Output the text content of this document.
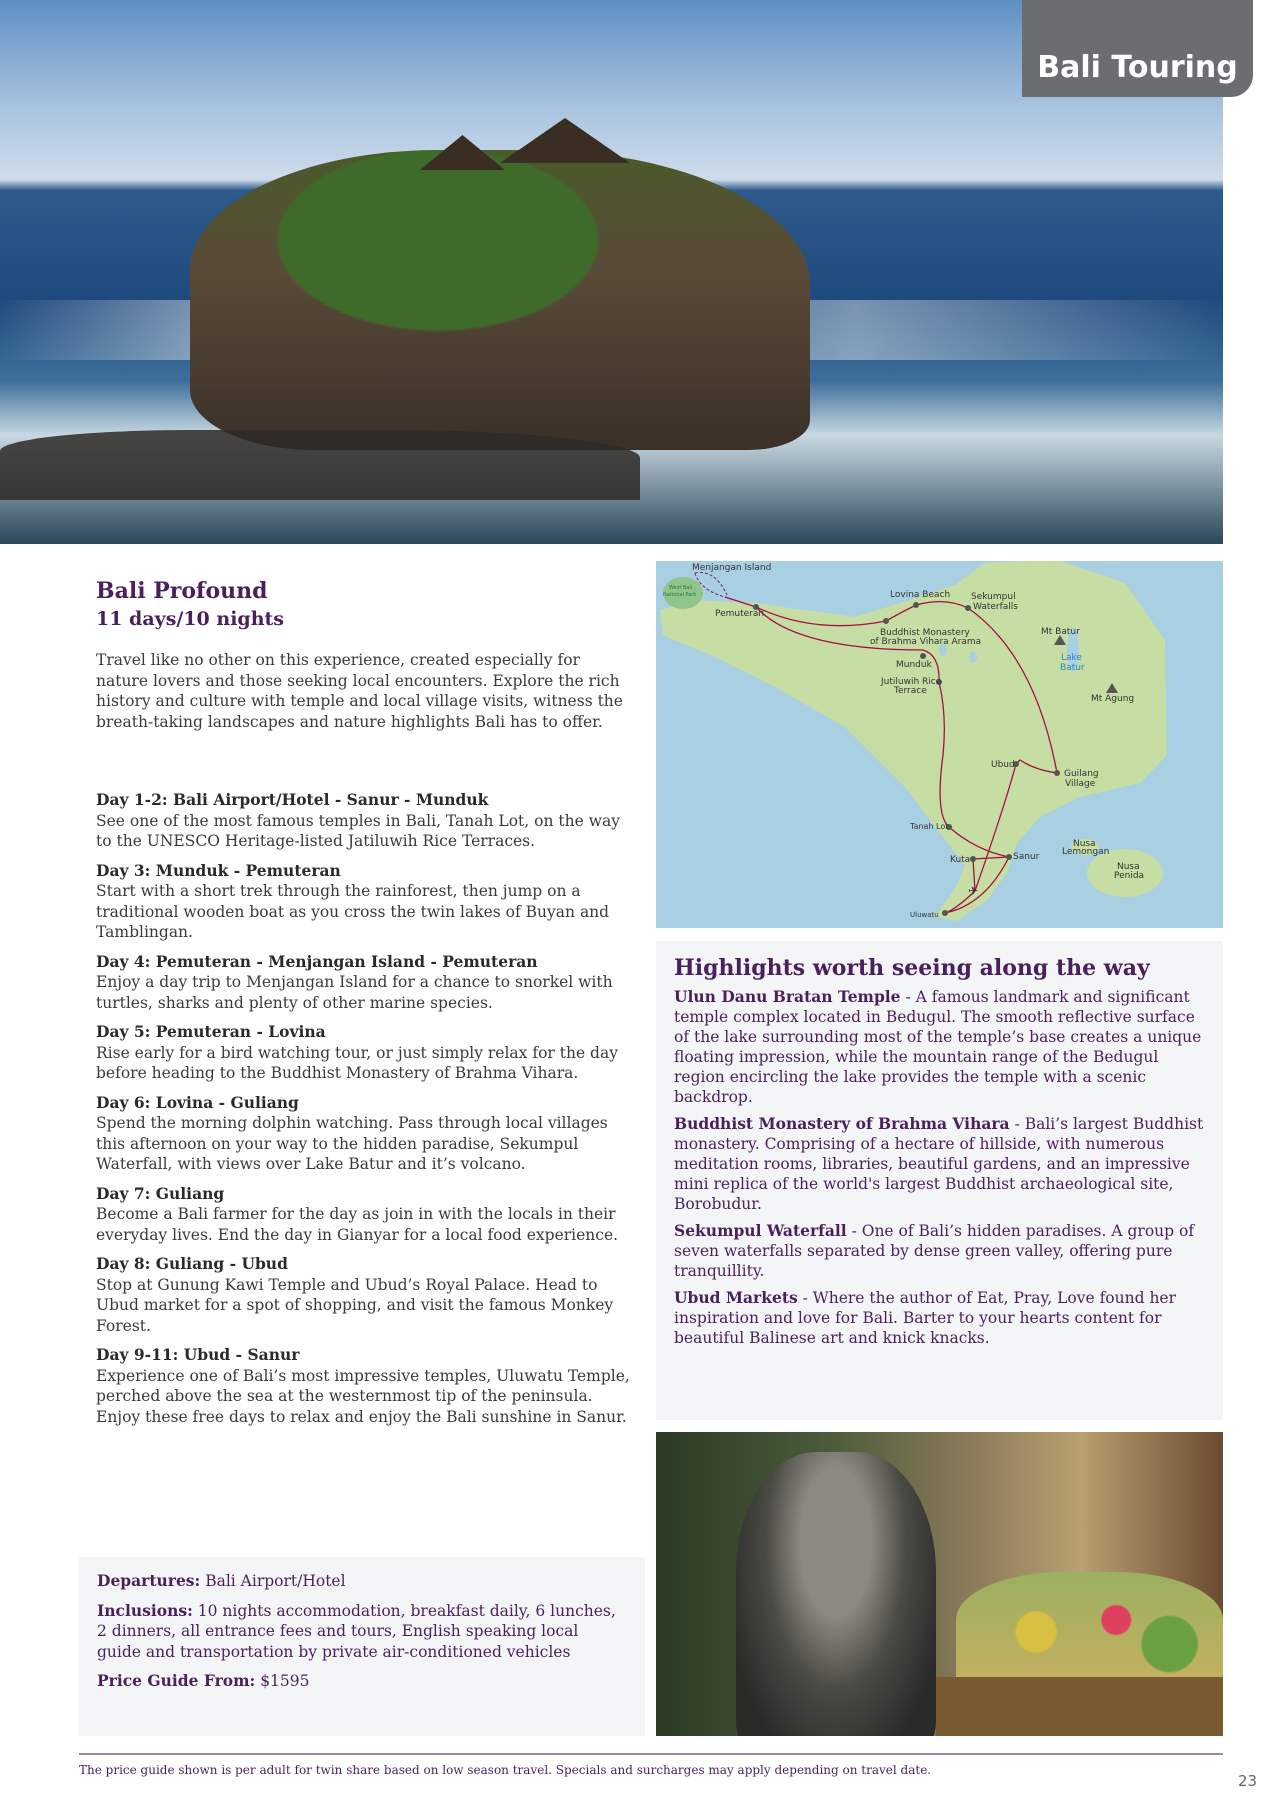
Bali Touring
Bali Profound
11 days/10 nights
Travel like no other on this experience, created especially for nature lovers and those seeking local encounters. Explore the rich history and culture with temple and local village visits, witness the breath-taking landscapes and nature highlights Bali has to offer.
Day 1-2: Bali Airport/Hotel - Sanur - Munduk
See one of the most famous temples in Bali, Tanah Lot, on the way to the UNESCO Heritage-listed Jatiluwih Rice Terraces.
Day 3: Munduk - Pemuteran
Start with a short trek through the rainforest, then jump on a traditional wooden boat as you cross the twin lakes of Buyan and Tamblingan.
Day 4: Pemuteran - Menjangan Island - Pemuteran
Enjoy a day trip to Menjangan Island for a chance to snorkel with turtles, sharks and plenty of other marine species.
Day 5: Pemuteran - Lovina
Rise early for a bird watching tour, or just simply relax for the day before heading to the Buddhist Monastery of Brahma Vihara.
Day 6: Lovina - Guliang
Spend the morning dolphin watching. Pass through local villages this afternoon on your way to the hidden paradise, Sekumpul Waterfall, with views over Lake Batur and it’s volcano.
Day 7: Guliang
Become a Bali farmer for the day as join in with the locals in their everyday lives. End the day in Gianyar for a local food experience.
Day 8: Guliang - Ubud
Stop at Gunung Kawi Temple and Ubud’s Royal Palace. Head to Ubud market for a spot of shopping, and visit the famous Monkey Forest.
Day 9-11: Ubud - Sanur
Experience one of Bali’s most impressive temples, Uluwatu Temple, perched above the sea at the westernmost tip of the peninsula. Enjoy these free days to relax and enjoy the Bali sunshine in Sanur.
Menjangan Island
West Bali
National Park
Pemuteran
Lovina Beach Sekumpul
Waterfalls
Buddhist Monastery
of Brahma Vihara Arama
Munduk
Jutiluwih Rice
Terrace
Mt Batur
Lake
Batur
Mt Agung
Ubud
Guilang
Village
Tanah Lot
Kuta	Sanur
Uluwatu
Nusa
Lemongan
Nusa
Penida
✈
Highlights worth seeing along the way

Ulun Danu Bratan Temple - A famous landmark and significant temple complex located in Bedugul. The smooth reflective surface of the lake surrounding most of the temple’s base creates a unique floating impression, while the mountain range of the Bedugul region encircling the lake provides the temple with a scenic backdrop.

Buddhist Monastery of Brahma Vihara - Bali’s largest Buddhist monastery. Comprising of a hectare of hillside, with numerous meditation rooms, libraries, beautiful gardens, and an impressive mini replica of the world's largest Buddhist archaeological site, Borobudur.

Sekumpul Waterfall - One of Bali’s hidden paradises. A group of seven waterfalls separated by dense green valley, offering pure tranquillity.

Ubud Markets - Where the author of Eat, Pray, Love found her inspiration and love for Bali. Barter to your hearts content for beautiful Balinese art and knick knacks.

Departures: Bali Airport/Hotel

Inclusions: 10 nights accommodation, breakfast daily, 6 lunches, 2 dinners, all entrance fees and tours, English speaking local guide and transportation by private air-conditioned vehicles

Price Guide From: $1595

The price guide shown is per adult for twin share based on low season travel. Specials and surcharges may apply depending on travel date.
23
